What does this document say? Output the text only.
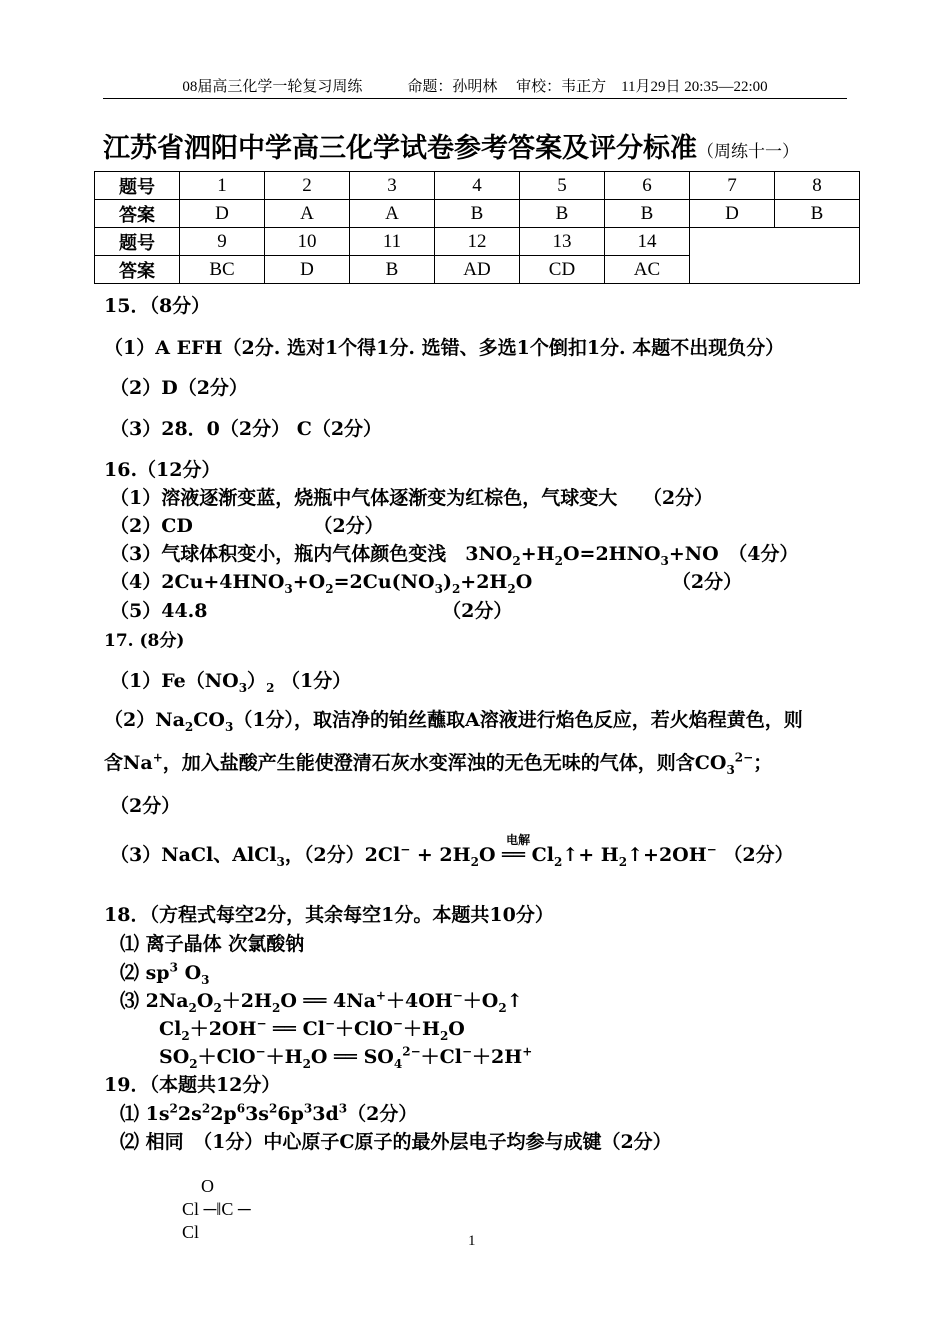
08届高三化学一轮复习周练　　　命题：孙明林　 审校：韦正方　11月29日 20:35—22:00
江苏省泗阳中学高三化学试卷参考答案及评分标准（周练十一）
题号	1	2	3	4	5	6	7	8
答案	D	A	A	B	B	B	D	B
题号	9	10	11	12	13	14		
答案	BC	D	B	AD	CD	AC		
15．（8分）
（1）A EFH（2分. 选对1个得1分. 选错、多选1个倒扣1分. 本题不出现负分）
（2）D（2分）
（3）28．0（2分） C（2分）
16.（12分）
（1）溶液逐渐变蓝，烧瓶中气体逐渐变为红棕色，气球变大　 （2分）
（2）CD　　　　　　 （2分）
（3）气球体积变小，瓶内气体颜色变浅　$3NO_2+H_2O=2HNO_3+NO$　（4分）
$(4)2Cu+4HNO_3+O_2=2Cu(NO_3)_2+2H_2O$　　　　　　　 （2分）
（5）44.8　　　　　　　　　　　　 （2分）
17. (8分)
$(1)Fe(NO_3)_2$ （1分）
$(2)Na_2CO_3(1$分），取洁净的铂丝蘸取A溶液进行焰色反应，若火焰程黄色，则
含Na+，加入盐酸产生能使澄清石灰水变浑浊的无色无味的气体，则含$CO_3^{2-}$；
（2分）
（3）NaCl、AlCl$_3$，（2分）$2Cl^- + 2H_2O$
电解
══ $Cl_2↑+$ $H_2↑+2OH^-$ （2分）
18．（方程式每空2分，其余每空1分。本题共10分）
⑴ 离子晶体 次氯酸钠
⑵ $sp^3$ $O_3$
⑶ $2Na_2O_2+2H_2O$ ══ $4Na^++4OH^-+O_2↑$
$Cl_2+2OH^-$ ══ $Cl^-+ClO^-+H_2O$
$SO_2+ClO^-+H_2O$ ══ $SO_4^{2-}+Cl^-+2H^+$
19．（本题共12分）
⑴ $1s^22s^22p^63s^26p^33d^3(2$分）
⑵ 相同　（1分）中心原子C原子的最外层电子均参与成键（2分）
O
Cl ─‖C ─
Cl	1
